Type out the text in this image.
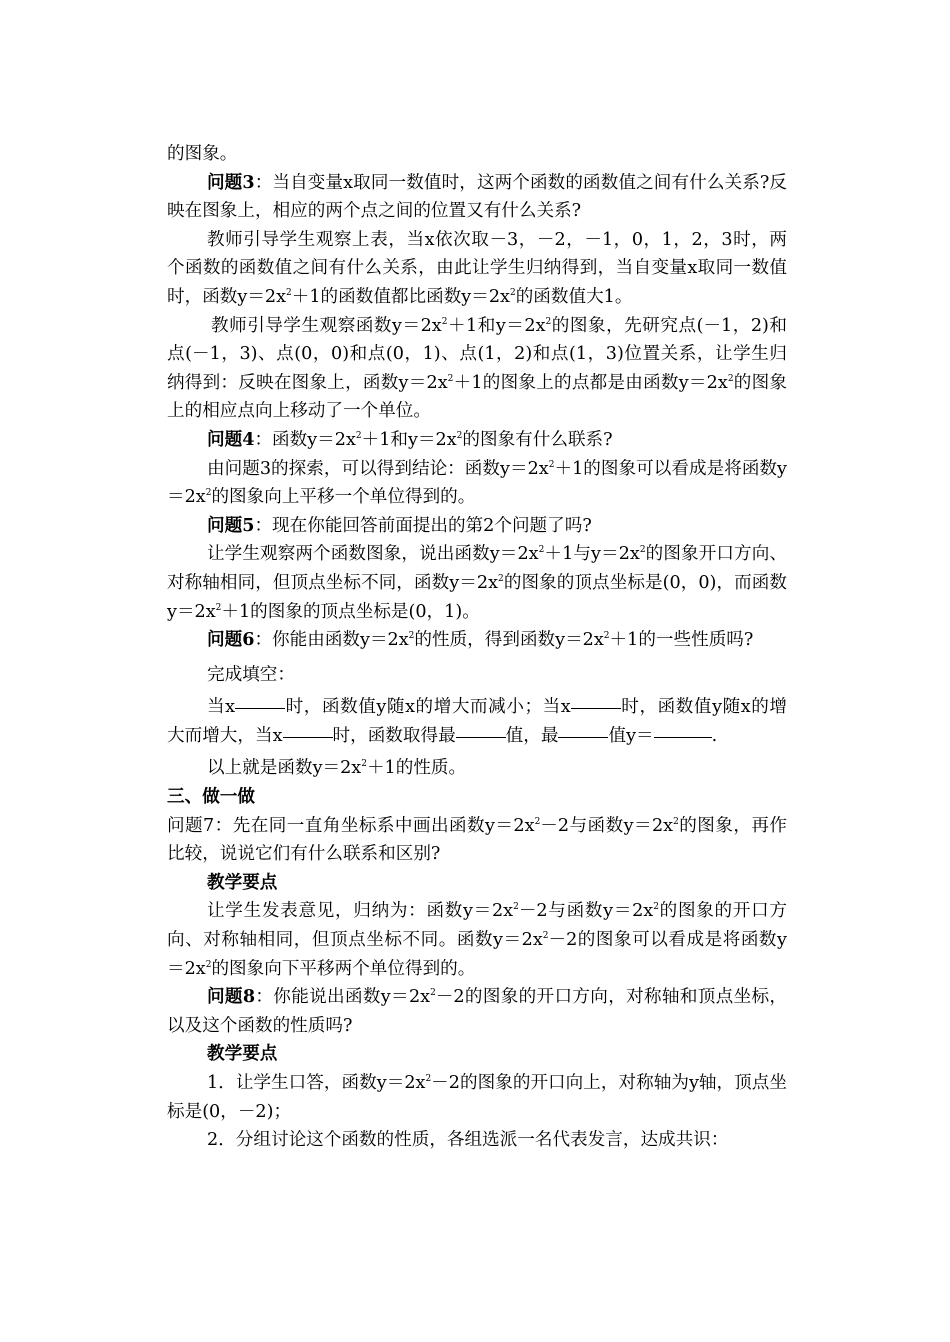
的图象。

问题3：当自变量x取同一数值时，这两个函数的函数值之间有什么关系?反映在图象上，相应的两个点之间的位置又有什么关系?

教师引导学生观察上表，当x依次取－3，－2，－1，0，1，2，3时，两个函数的函数值之间有什么关系，由此让学生归纳得到，当自变量x取同一数值时，函数$y=2x^2+1$的函数值都比函数$y=2x^2$的函数值大1。

教师引导学生观察函数$y=2x^2+1$和$y=2x^2$的图象，先研究点(－1，2)和点(－1，3)、点(0，0)和点(0，1)、点(1，2)和点(1，3)位置关系，让学生归纳得到：反映在图象上，函数$y=2x^2+1$的图象上的点都是由函数$y=2x^2$的图象上的相应点向上移动了一个单位。

问题4：函数$y=2x^2+1$和$y=2x^2$的图象有什么联系?

由问题3的探索，可以得到结论：函数$y=2x^2+1$的图象可以看成是将函数$y=2x^2$的图象向上平移一个单位得到的。

问题5：现在你能回答前面提出的第2个问题了吗?

让学生观察两个函数图象，说出函数$y=2x^2+1$与$y=2x^2$的图象开口方向、对称轴相同，但顶点坐标不同，函数$y=2x^2$的图象的顶点坐标是(0，0)，而函数$y=2x^2+1$的图象的顶点坐标是(0，1)。

问题6：你能由函数$y=2x^2$的性质，得到函数$y=2x^2+1$的一些性质吗?

完成填空：

当x	时，函数值y随x的增大而减小；当x	时，函数值y随x的增大而增大，当x	时，函数取得最	值，最	值y＝	.

以上就是函数$y=2x^2+1$的性质。

三、做一做

问题7：先在同一直角坐标系中画出函数$y=2x^2-2$与函数$y=2x^2$的图象，再作比较，说说它们有什么联系和区别?

教学要点

让学生发表意见，归纳为：函数$y=2x^2-2$与函数$y=2x^2$的图象的开口方向、对称轴相同，但顶点坐标不同。函数$y=2x^2-2$的图象可以看成是将函数$y=2x^2$的图象向下平移两个单位得到的。

问题8：你能说出函数$y=2x^2-2$的图象的开口方向，对称轴和顶点坐标，以及这个函数的性质吗?

教学要点

1．让学生口答，函数$y=2x^2-2$的图象的开口向上，对称轴为y轴，顶点坐标是(0，－2)；

2．分组讨论这个函数的性质，各组选派一名代表发言，达成共识：
